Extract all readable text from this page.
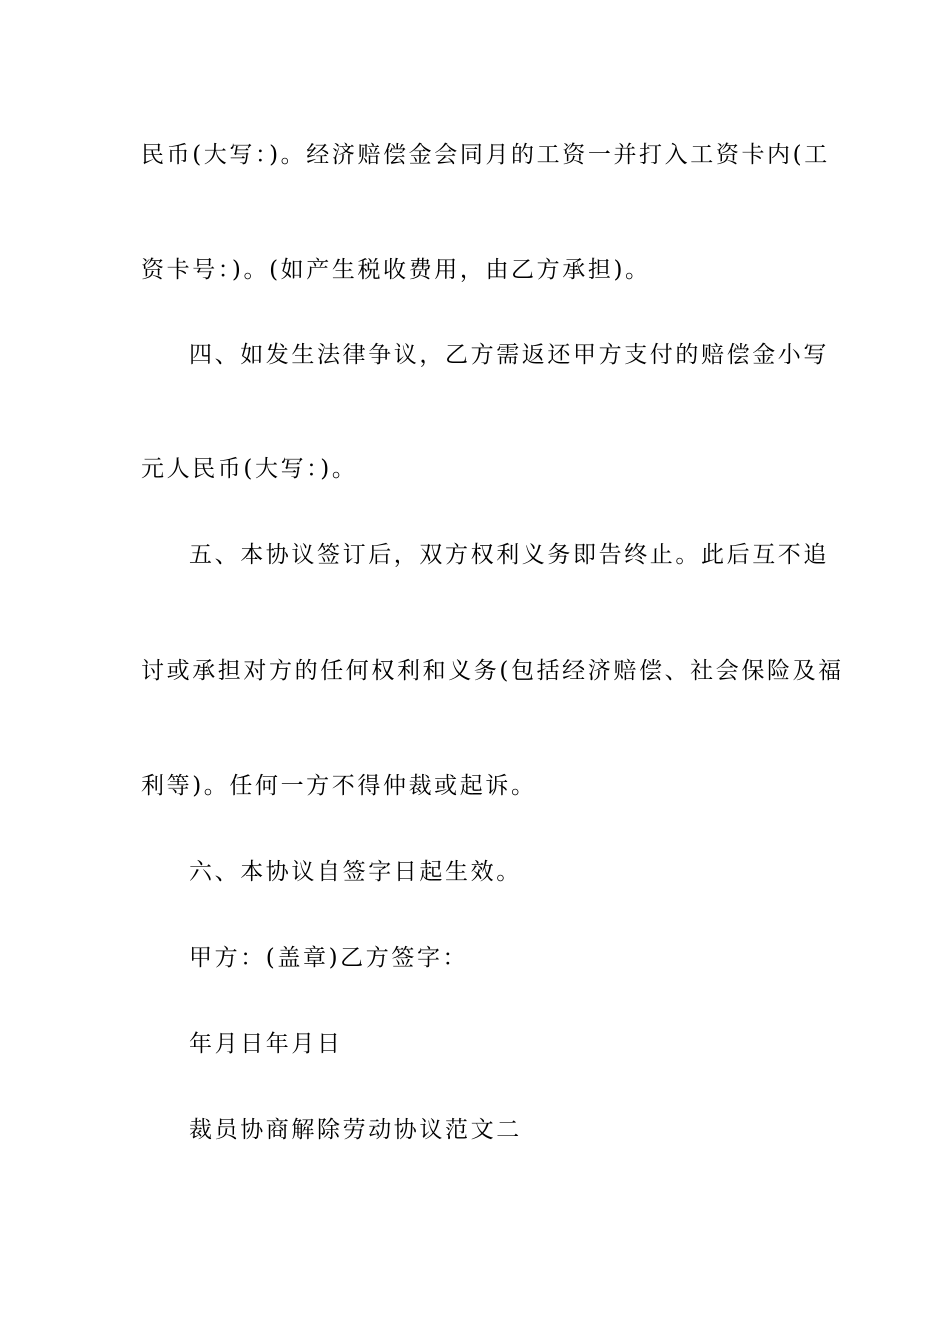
民币(大写：)。经济赔偿金会同月的工资一并打入工资卡内(工

资卡号：)。(如产生税收费用，由乙方承担)。

四、如发生法律争议，乙方需返还甲方支付的赔偿金小写

元人民币(大写：)。

五、本协议签订后，双方权利义务即告终止。此后互不追

讨或承担对方的任何权利和义务(包括经济赔偿、社会保险及福

利等)。任何一方不得仲裁或起诉。

六、本协议自签字日起生效。

甲方：(盖章)乙方签字：

年月日年月日

裁员协商解除劳动协议范文二
